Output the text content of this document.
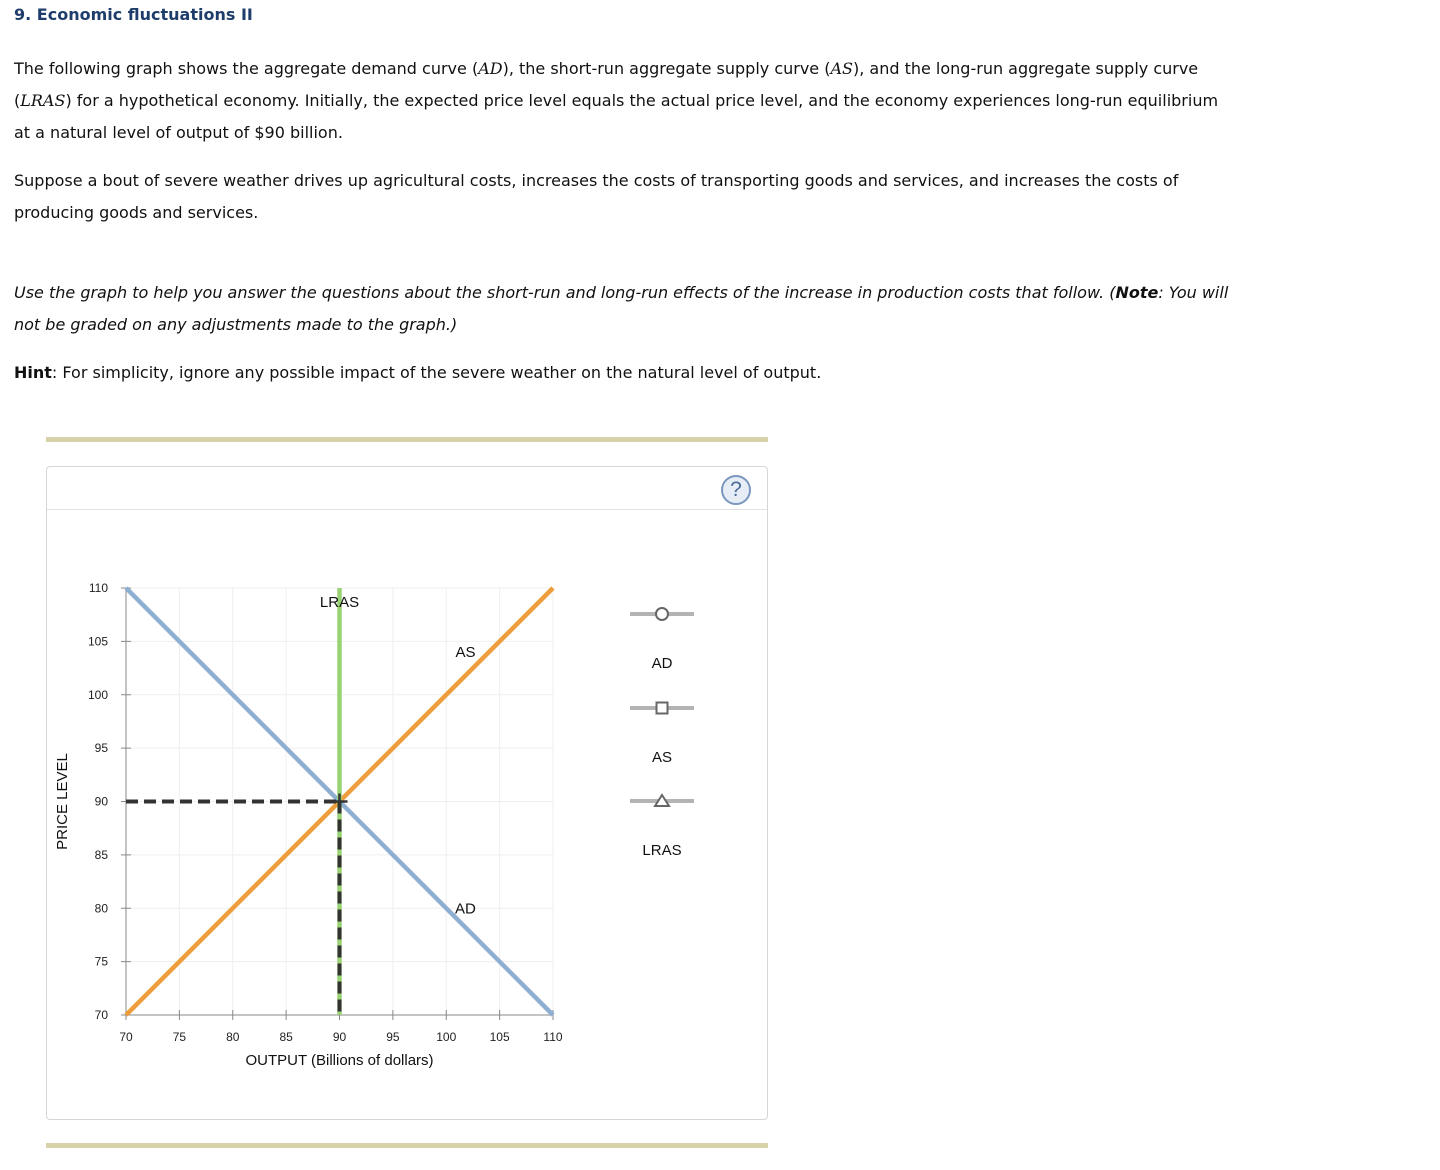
9. Economic fluctuations II

The following graph shows the aggregate demand curve (AD), the short-run aggregate supply curve (AS), and the long-run aggregate supply curve (LRAS) for a hypothetical economy. Initially, the expected price level equals the actual price level, and the economy experiences long-run equilibrium at a natural level of output of $90 billion.

Suppose a bout of severe weather drives up agricultural costs, increases the costs of transporting goods and services, and increases the costs of producing goods and services.

Use the graph to help you answer the questions about the short-run and long-run effects of the increase in production costs that follow. (Note: You will not be graded on any adjustments made to the graph.)

Hint: For simplicity, ignore any possible impact of the severe weather on the natural level of output.

?
70
75
80
85
90
95
100
105
110
70	75	80	85	90	95	100	105	110
OUTPUT (Billions of dollars)
PRICE LEVEL
LRAS
AS
AD
AD
AS
LRAS
